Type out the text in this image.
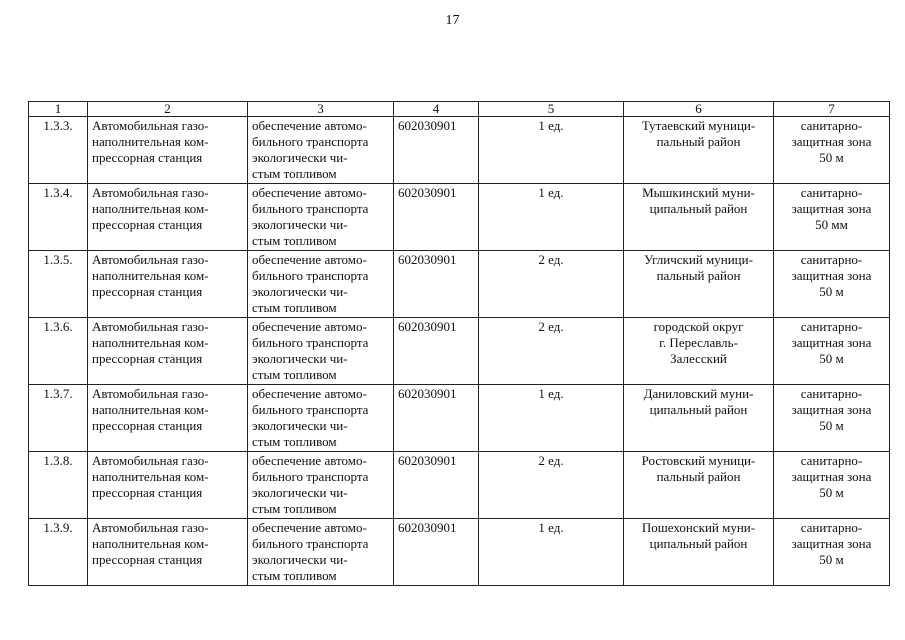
17
1	2	3	4	5	6	7
1.3.3.	Автомобильная газо-
наполнительная ком-
прессорная станция	обеспечение автомо-
бильного транспорта
экологически чи-
стым топливом	602030901	1 ед.	Тутаевский муници-
пальный район	санитарно-
защитная зона
50 м
1.3.4.	Автомобильная газо-
наполнительная ком-
прессорная станция	обеспечение автомо-
бильного транспорта
экологически чи-
стым топливом	602030901	1 ед.	Мышкинский муни-
ципальный район	санитарно-
защитная зона
50 мм
1.3.5.	Автомобильная газо-
наполнительная ком-
прессорная станция	обеспечение автомо-
бильного транспорта
экологически чи-
стым топливом	602030901	2 ед.	Угличский муници-
пальный район	санитарно-
защитная зона
50 м
1.3.6.	Автомобильная газо-
наполнительная ком-
прессорная станция	обеспечение автомо-
бильного транспорта
экологически чи-
стым топливом	602030901	2 ед.	городской округ
г. Переславль-
Залесский	санитарно-
защитная зона
50 м
1.3.7.	Автомобильная газо-
наполнительная ком-
прессорная станция	обеспечение автомо-
бильного транспорта
экологически чи-
стым топливом	602030901	1 ед.	Даниловский муни-
ципальный район	санитарно-
защитная зона
50 м
1.3.8.	Автомобильная газо-
наполнительная ком-
прессорная станция	обеспечение автомо-
бильного транспорта
экологически чи-
стым топливом	602030901	2 ед.	Ростовский муници-
пальный район	санитарно-
защитная зона
50 м
1.3.9.	Автомобильная газо-
наполнительная ком-
прессорная станция	обеспечение автомо-
бильного транспорта
экологически чи-
стым топливом	602030901	1 ед.	Пошехонский муни-
ципальный район	санитарно-
защитная зона
50 м
